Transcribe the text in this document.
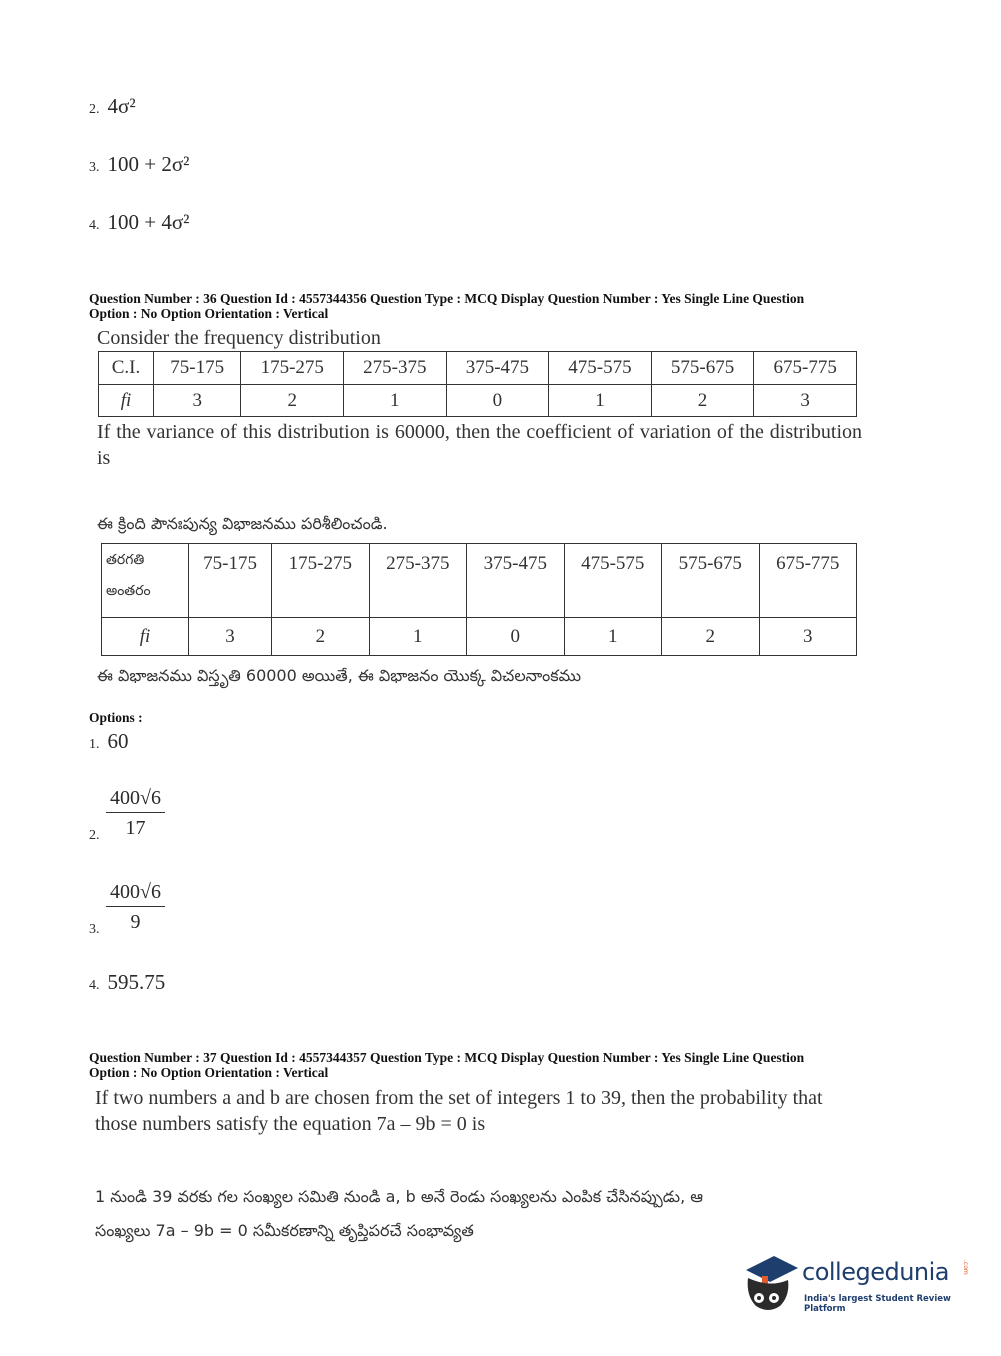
2. 4σ²
3. 100 + 2σ²
4. 100 + 4σ²
Question Number : 36 Question Id : 4557344356 Question Type : MCQ Display Question Number : Yes Single Line Question
Option : No Option Orientation : Vertical
Consider the frequency distribution
C.I.	75-175	175-275	275-375	375-475	475-575	575-675	675-775
fi	3	2	1	0	1	2	3
If the variance of this distribution is 60000, then the coefficient of variation of the distribution is
ఈ క్రింది పౌనఃపున్య విభాజనము పరిశీలించండి.
తరగతి
అంతరం	75-175	175-275	275-375	375-475	475-575	575-675	675-775
fi	3	2	1	0	1	2	3
ఈ విభాజనము విస్తృతి 60000 అయితే, ఈ విభాజనం యొక్క విచలనాంకము
Options :
1. 60
2. $\frac{400√6}{17}$
3. $\frac{400√6}{9}$
4. 595.75
Question Number : 37 Question Id : 4557344357 Question Type : MCQ Display Question Number : Yes Single Line Question
Option : No Option Orientation : Vertical
If two numbers a and b are chosen from the set of integers 1 to 39, then the probability that
those numbers satisfy the equation 7a – 9b = 0 is
1 నుండి 39 వరకు గల సంఖ్యల సమితి నుండి a, b అనే రెండు సంఖ్యలను ఎంపిక చేసినప్పుడు, ఆ
సంఖ్యలు 7a – 9b = 0 సమీకరణాన్ని తృప్తిపరచే సంభావ్యత
collegedunia .com
India's largest Student Review Platform
